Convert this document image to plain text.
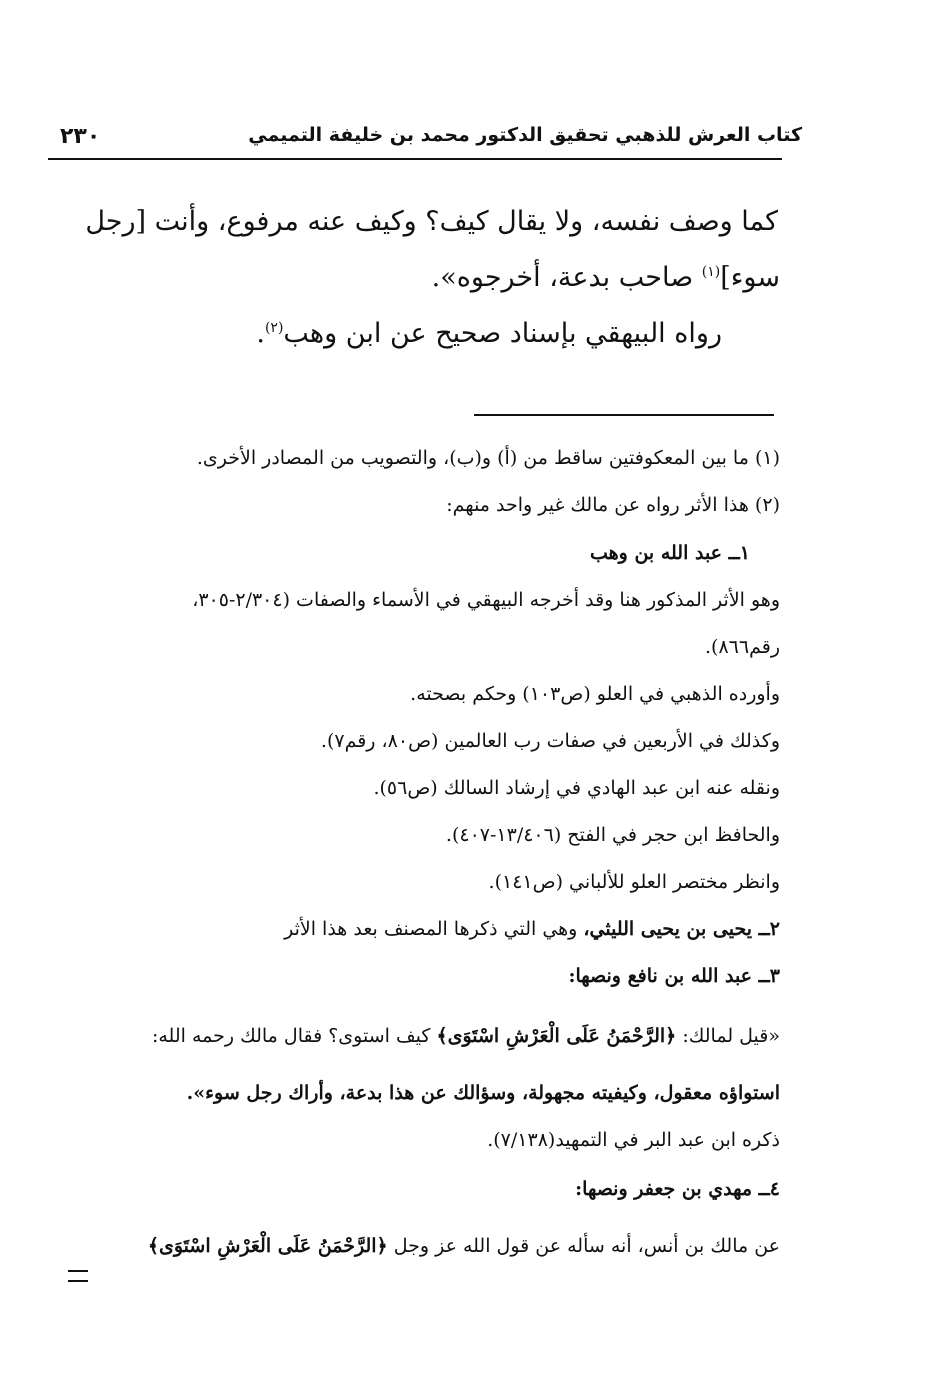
كتاب العرش للذهبي تحقيق الدكتور محمد بن خليفة التميمي
٢٣٠
كما وصف نفسه، ولا يقال كيف؟ وكيف عنه مرفوع، وأنت [رجل
سوء]$^{(١)}$ صاحب بدعة، أخرجوه».
رواه البيهقي بإسناد صحيح عن ابن وهب$^{(٢)}$.
(١) ما بين المعكوفتين ساقط من (أ) و(ب)، والتصويب من المصادر الأخرى.
(٢) هذا الأثر رواه عن مالك غير واحد منهم:
١ــ عبد الله بن وهب
وهو الأثر المذكور هنا وقد أخرجه البيهقي في الأسماء والصفات (٢/٣٠٤-٣٠٥،
رقم٨٦٦).
وأورده الذهبي في العلو (ص١٠٣) وحكم بصحته.
وكذلك في الأربعين في صفات رب العالمين (ص٨٠، رقم٧).
ونقله عنه ابن عبد الهادي في إرشاد السالك (ص٥٦).
والحافظ ابن حجر في الفتح (١٣/٤٠٦-٤٠٧).
وانظر مختصر العلو للألباني (ص١٤١).
٢ــ يحيى بن يحيى الليثي، وهي التي ذكرها المصنف بعد هذا الأثر
٣ــ عبد الله بن نافع ونصها:
«قيل لمالك: ﴿الرَّحْمَنُ عَلَى الْعَرْشِ اسْتَوَى﴾ كيف استوى؟ فقال مالك رحمه الله:
استواؤه معقول، وكيفيته مجهولة، وسؤالك عن هذا بدعة، وأراك رجل سوء».
ذكره ابن عبد البر في التمهيد(٧/١٣٨).
٤ــ مهدي بن جعفر ونصها:
عن مالك بن أنس، أنه سأله عن قول الله عز وجل ﴿الرَّحْمَنُ عَلَى الْعَرْشِ اسْتَوَى﴾
